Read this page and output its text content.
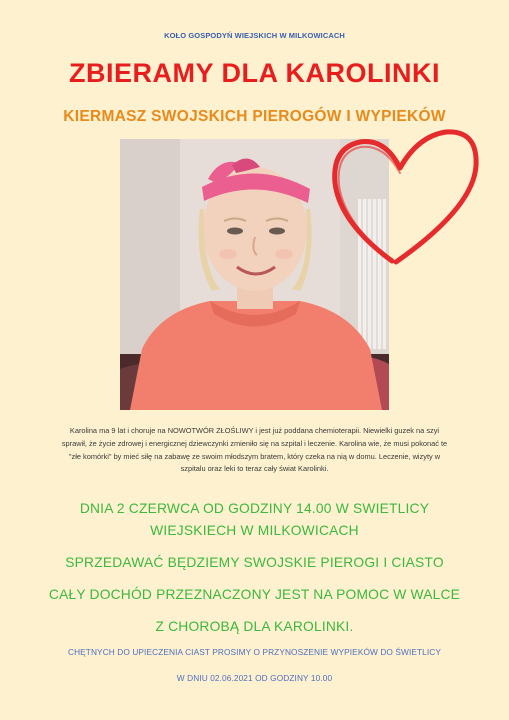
KOŁO GOSPODYŃ WIEJSKICH W MILKOWICACH
ZBIERAMY DLA KAROLINKI
KIERMASZ SWOJSKICH PIEROGÓW I WYPIEKÓW
Karolina ma 9 lat i choruje na NOWOTWÓR ZŁOŚLIWY i jest już poddana chemioterapii. Niewielki guzek na szyi
sprawił, że życie zdrowej i energicznej dziewczynki zmieniło się na szpital i leczenie. Karolina wie, że musi pokonać te
"złe komórki" by mieć siłę na zabawę ze swoim młodszym bratem, który czeka na nią w domu. Leczenie, wizyty w
szpitalu oraz leki to teraz cały świat Karolinki.
DNIA 2 CZERWCA OD GODZINY 14.00 W SWIETLICY
WIEJSKIECH W MILKOWICACH
SPRZEDAWAĆ BĘDZIEMY SWOJSKIE PIEROGI I CIASTO
CAŁY DOCHÓD PRZEZNACZONY JEST NA POMOC W WALCE
Z CHOROBĄ DLA KAROLINKI.
CHĘTNYCH DO UPIECZENIA CIAST PROSIMY O PRZYNOSZENIE WYPIEKÓW DO ŚWIETLICY
W DNIU 02.06.2021 OD GODZINY 10.00
